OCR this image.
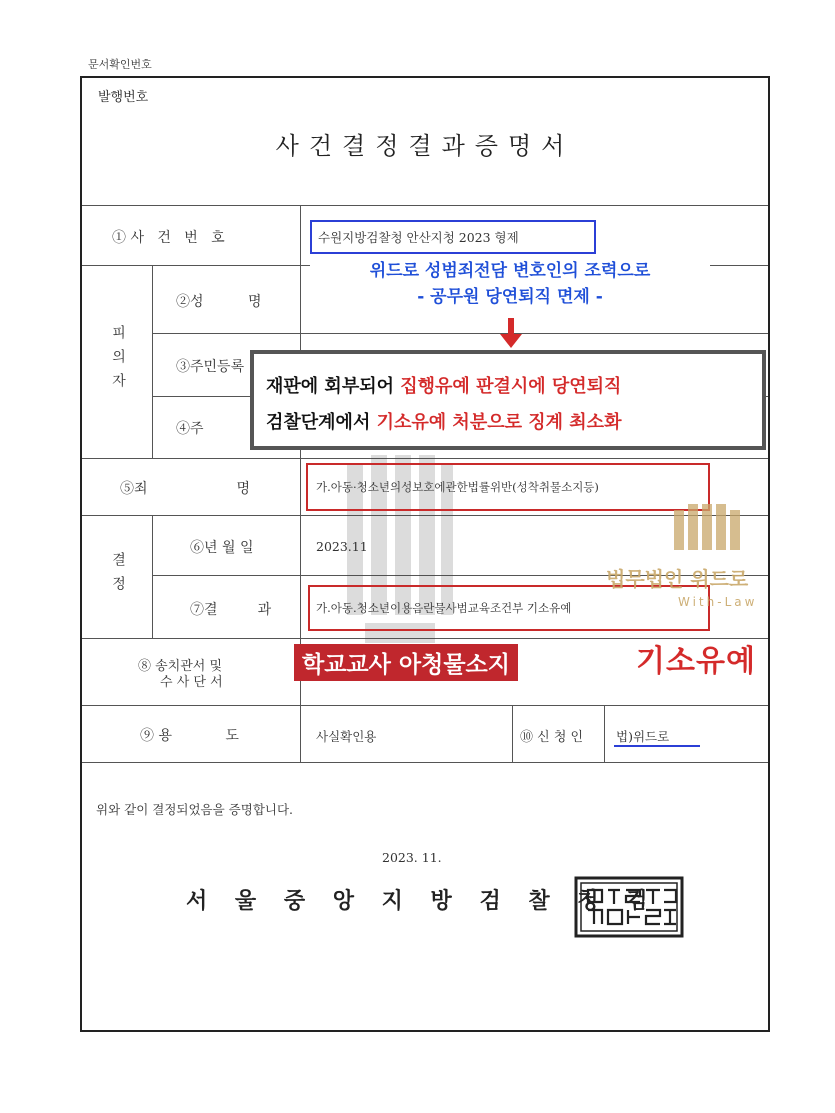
문서확인번호
발행번호
사건결정결과증명서
① 사   건   번   호	수원지방검찰청 안산지청 2023 형제
피의자
②성          명
③주민등록
④주
⑤죄                    명	가.아동·청소년의성보호에관한법률위반(성착취물소지등)
결정
⑥년 월 일	2023.11
⑦결         과	가.아동.청소년이용음란물사범교육조건부 기소유예
⑧ 송치관서 및
수 사 단 서
⑨ 용            도	사실확인용	⑩ 신 청 인	법)위드로
위와 같이 결정되었음을 증명합니다.
2023. 11.
서 울 중 앙 지 방 검 찰 청 검
위드로 성범죄전담 변호인의 조력으로
- 공무원 당연퇴직 면제 -
재판에 회부되어 집행유예 판결시에 당연퇴직
검찰단계에서 기소유예 처분으로 징계 최소화
법무법인 위드로
With-Law
학교교사 아청물소지	기소유예
